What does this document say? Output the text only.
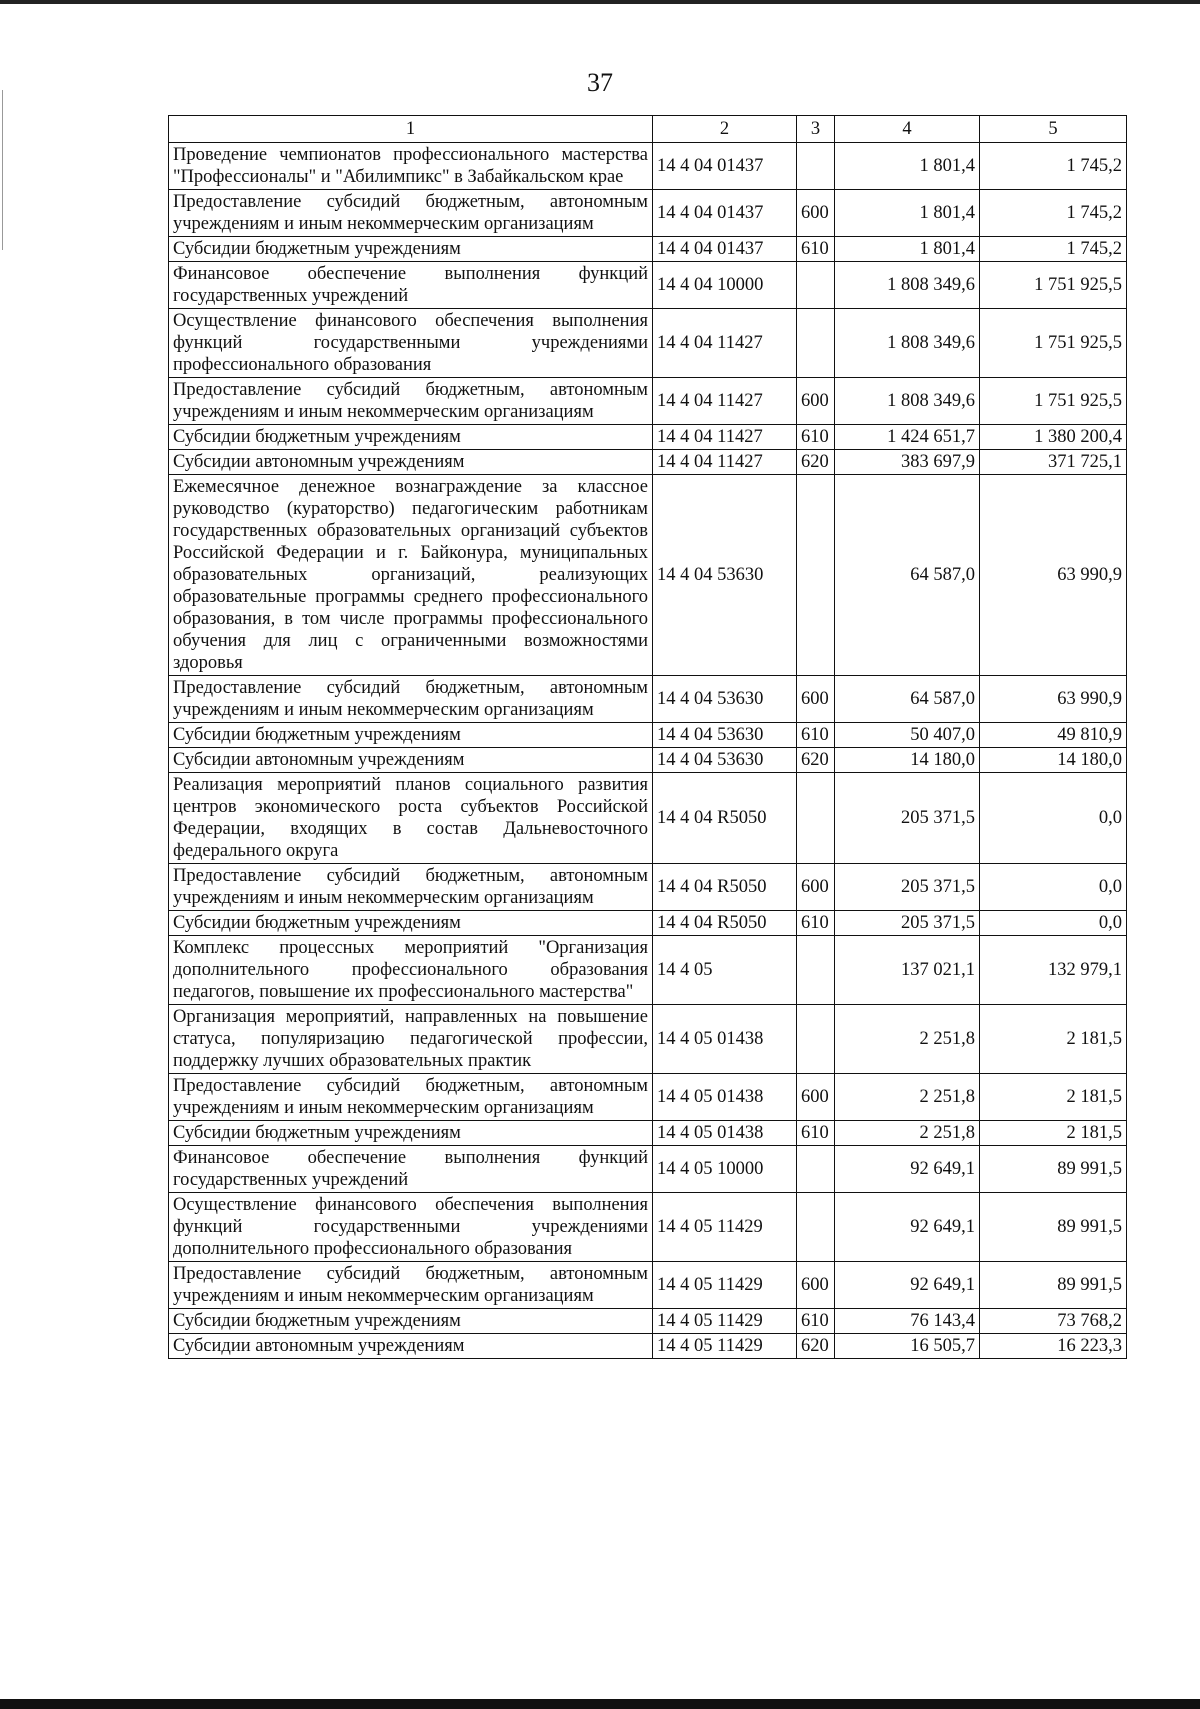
37
1	2	3	4	5
Проведение чемпионатов профессионального мастерства "Профессионалы" и "Абилимпикс" в Забайкальском крае	14 4 04 01437		1 801,4	1 745,2
Предоставление субсидий бюджетным, автономным учреждениям и иным некоммерческим организациям	14 4 04 01437	600	1 801,4	1 745,2
Субсидии бюджетным учреждениям	14 4 04 01437	610	1 801,4	1 745,2
Финансовое обеспечение выполнения функций государственных учреждений	14 4 04 10000		1 808 349,6	1 751 925,5
Осуществление финансового обеспечения выполнения функций государственными учреждениями профессионального образования	14 4 04 11427		1 808 349,6	1 751 925,5
Предоставление субсидий бюджетным, автономным учреждениям и иным некоммерческим организациям	14 4 04 11427	600	1 808 349,6	1 751 925,5
Субсидии бюджетным учреждениям	14 4 04 11427	610	1 424 651,7	1 380 200,4
Субсидии автономным учреждениям	14 4 04 11427	620	383 697,9	371 725,1
Ежемесячное денежное вознаграждение за классное руководство (кураторство) педагогическим работникам государственных образовательных организаций субъектов Российской Федерации и г. Байконура, муниципальных образовательных организаций, реализующих образовательные программы среднего профессионального образования, в том числе программы профессионального обучения для лиц с ограниченными возможностями здоровья	14 4 04 53630		64 587,0	63 990,9
Предоставление субсидий бюджетным, автономным учреждениям и иным некоммерческим организациям	14 4 04 53630	600	64 587,0	63 990,9
Субсидии бюджетным учреждениям	14 4 04 53630	610	50 407,0	49 810,9
Субсидии автономным учреждениям	14 4 04 53630	620	14 180,0	14 180,0
Реализация мероприятий планов социального развития центров экономического роста субъектов Российской Федерации, входящих в состав Дальневосточного федерального округа	14 4 04 R5050		205 371,5	0,0
Предоставление субсидий бюджетным, автономным учреждениям и иным некоммерческим организациям	14 4 04 R5050	600	205 371,5	0,0
Субсидии бюджетным учреждениям	14 4 04 R5050	610	205 371,5	0,0
Комплекс процессных мероприятий "Организация дополнительного профессионального образования педагогов, повышение их профессионального мастерства"	14 4 05		137 021,1	132 979,1
Организация мероприятий, направленных на повышение статуса, популяризацию педагогической профессии, поддержку лучших образовательных практик	14 4 05 01438		2 251,8	2 181,5
Предоставление субсидий бюджетным, автономным учреждениям и иным некоммерческим организациям	14 4 05 01438	600	2 251,8	2 181,5
Субсидии бюджетным учреждениям	14 4 05 01438	610	2 251,8	2 181,5
Финансовое обеспечение выполнения функций государственных учреждений	14 4 05 10000		92 649,1	89 991,5
Осуществление финансового обеспечения выполнения функций государственными учреждениями дополнительного профессионального образования	14 4 05 11429		92 649,1	89 991,5
Предоставление субсидий бюджетным, автономным учреждениям и иным некоммерческим организациям	14 4 05 11429	600	92 649,1	89 991,5
Субсидии бюджетным учреждениям	14 4 05 11429	610	76 143,4	73 768,2
Субсидии автономным учреждениям	14 4 05 11429	620	16 505,7	16 223,3
